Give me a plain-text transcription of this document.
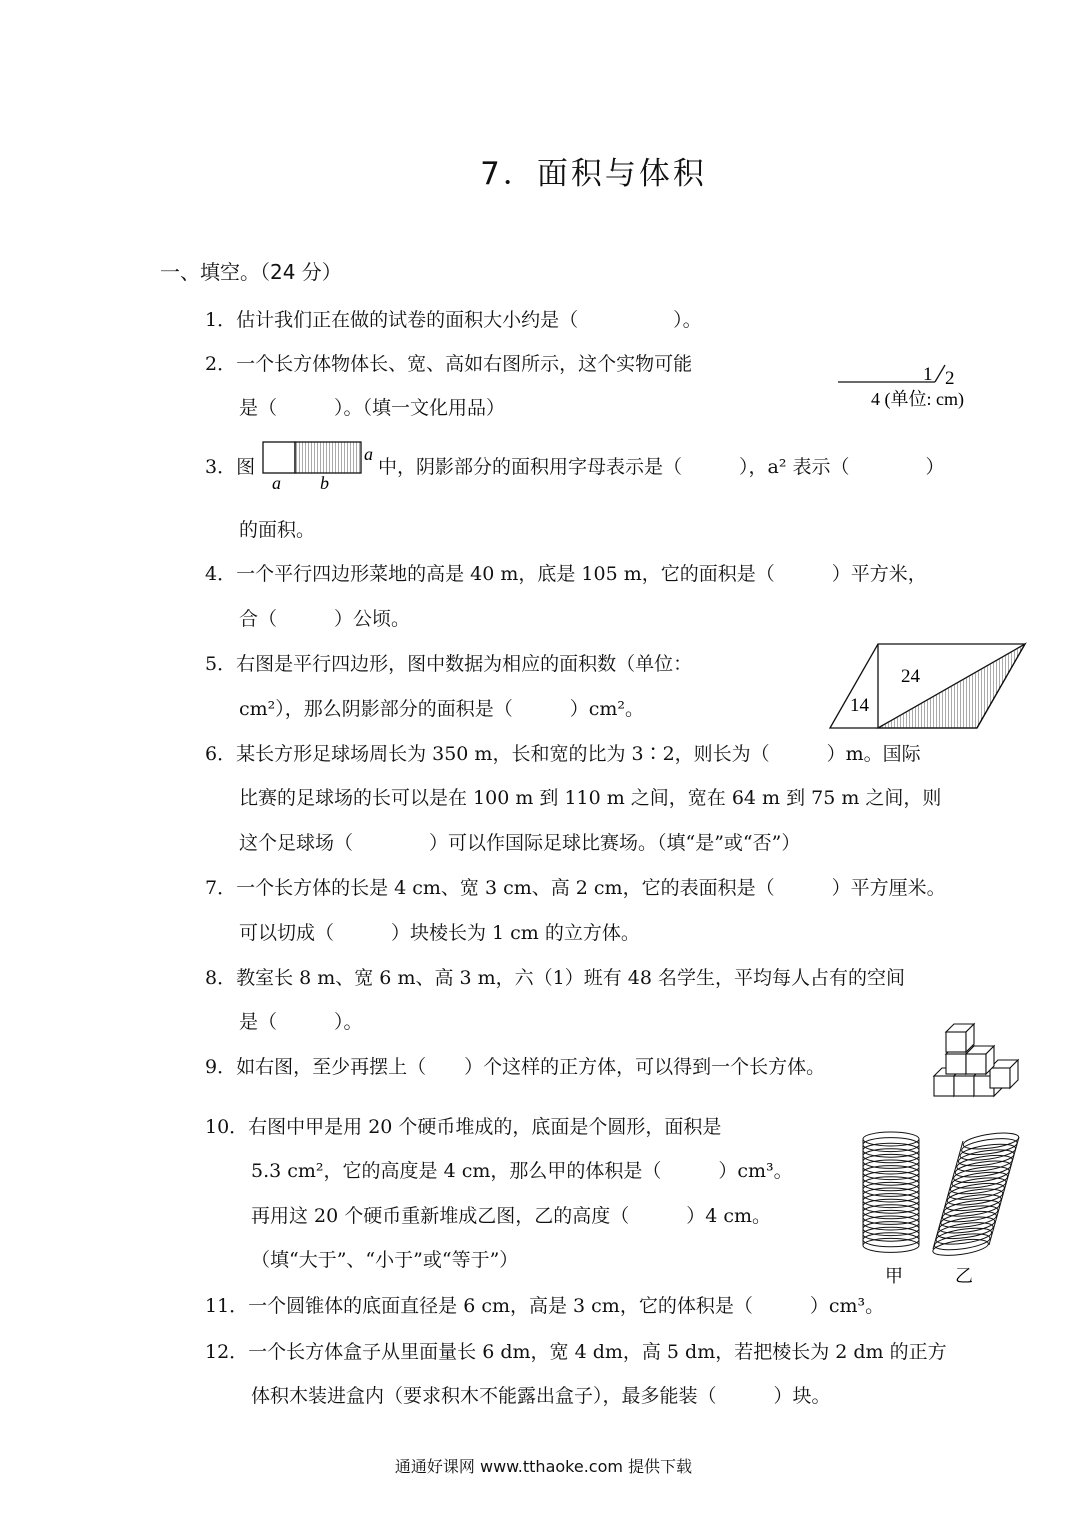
7．面积与体积
一、填空。（24 分）
1．估计我们正在做的试卷的面积大小约是（　　　　　）。
2．一个长方体物体长、宽、高如右图所示，这个实物可能
是（　　　）。（填一文化用品）
1 2
4 (单位: cm)
3．图
a
a b
中，阴影部分的面积用字母表示是（　　　），a² 表示（　　　　）
的面积。
4．一个平行四边形菜地的高是 40 m，底是 105 m，它的面积是（　　　）平方米，
合（　　　）公顷。
5．右图是平行四边形，图中数据为相应的面积数（单位：
cm²），那么阴影部分的面积是（　　　）cm²。	14
24
6．某长方形足球场周长为 350 m，长和宽的比为 3∶2，则长为（　　　）m。国际
比赛的足球场的长可以是在 100 m 到 110 m 之间，宽在 64 m 到 75 m 之间，则
这个足球场（　　　　）可以作国际足球比赛场。（填“是”或“否”）
7．一个长方体的长是 4 cm、宽 3 cm、高 2 cm，它的表面积是（　　　）平方厘米。
可以切成（　　　）块棱长为 1 cm 的立方体。
8．教室长 8 m、宽 6 m、高 3 m，六（1）班有 48 名学生，平均每人占有的空间
是（　　　）。
9．如右图，至少再摆上（　　）个这样的正方体，可以得到一个长方体。
10．右图中甲是用 20 个硬币堆成的，底面是个圆形，面积是
5.3 cm²，它的高度是 4 cm，那么甲的体积是（　　　）cm³。
再用这 20 个硬币重新堆成乙图，乙的高度（　　　）4 cm。
（填“大于”、“小于”或“等于”）
甲	乙
11．一个圆锥体的底面直径是 6 cm，高是 3 cm，它的体积是（　　　）cm³。
12．一个长方体盒子从里面量长 6 dm，宽 4 dm，高 5 dm，若把棱长为 2 dm 的正方
体积木装进盒内（要求积木不能露出盒子），最多能装（　　　）块。
通通好课网 www.tthaoke.com 提供下载
